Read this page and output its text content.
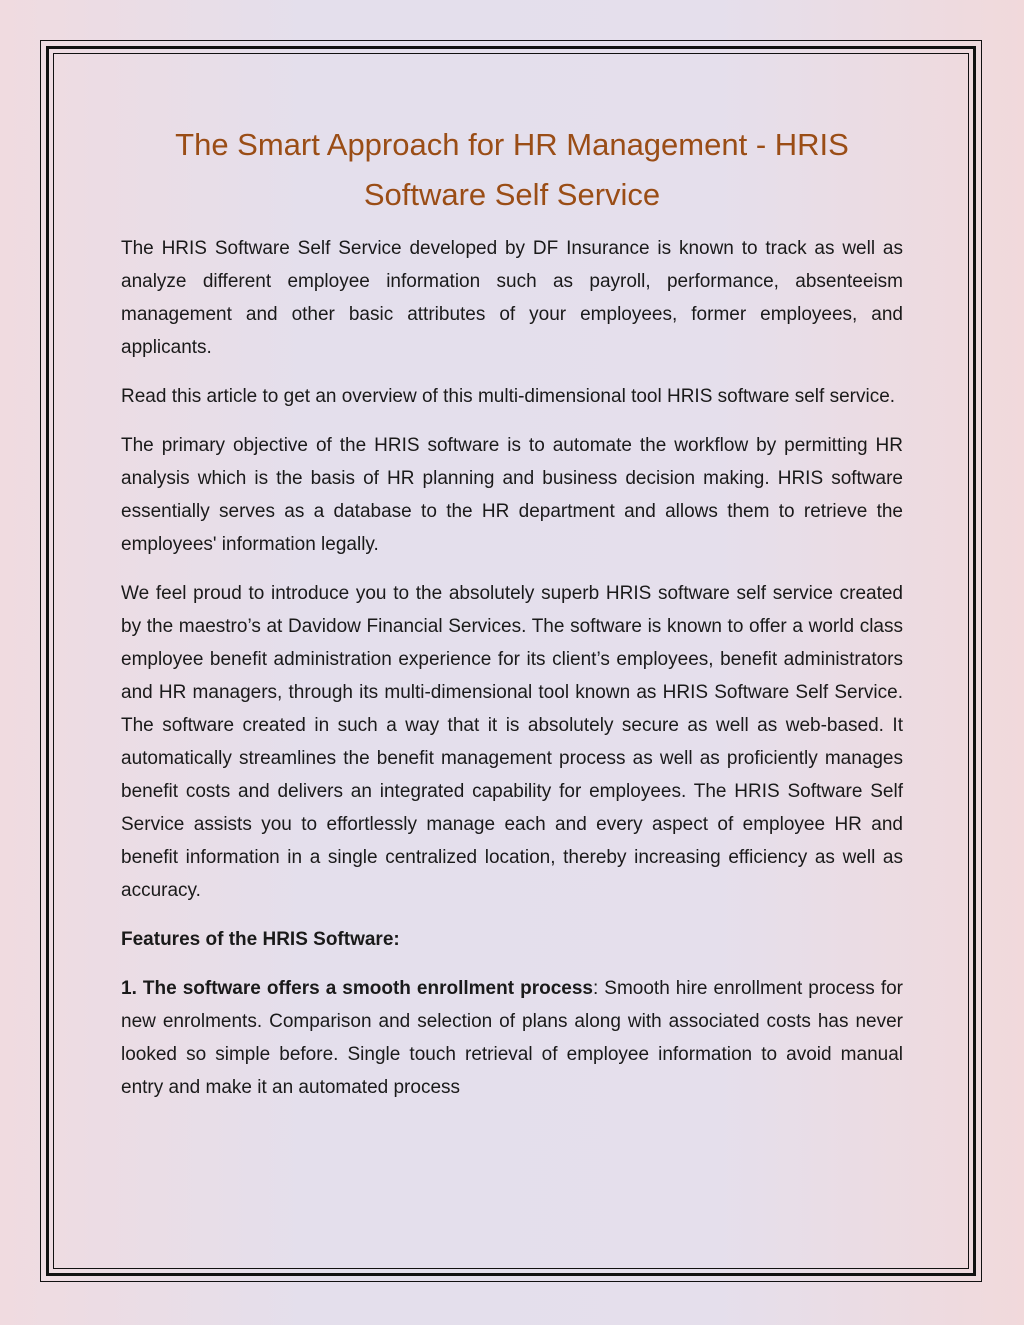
The Smart Approach for HR Management - HRIS
Software Self Service

The HRIS Software Self Service developed by DF Insurance is known to track as well as analyze different employee information such as payroll, performance, absenteeism management and other basic attributes of your employees, former employees, and applicants.

Read this article to get an overview of this multi-dimensional tool HRIS software self service.

The primary objective of the HRIS software is to automate the workflow by permitting HR analysis which is the basis of HR planning and business decision making. HRIS software essentially serves as a database to the HR department and allows them to retrieve the employees' information legally.

We feel proud to introduce you to the absolutely superb HRIS software self service created by the maestro’s at Davidow Financial Services. The software is known to offer a world class employee benefit administration experience for its client’s employees, benefit administrators and HR managers, through its multi-dimensional tool known as HRIS Software Self Service. The software created in such a way that it is absolutely secure as well as web-based. It automatically streamlines the benefit management process as well as proficiently manages benefit costs and delivers an integrated capability for employees. The HRIS Software Self Service assists you to effortlessly manage each and every aspect of employee HR and benefit information in a single centralized location, thereby increasing efficiency as well as accuracy.

Features of the HRIS Software:

1. The software offers a smooth enrollment process: Smooth hire enrollment process for new enrolments. Comparison and selection of plans along with associated costs has never looked so simple before. Single touch retrieval of employee information to avoid manual entry and make it an automated process
